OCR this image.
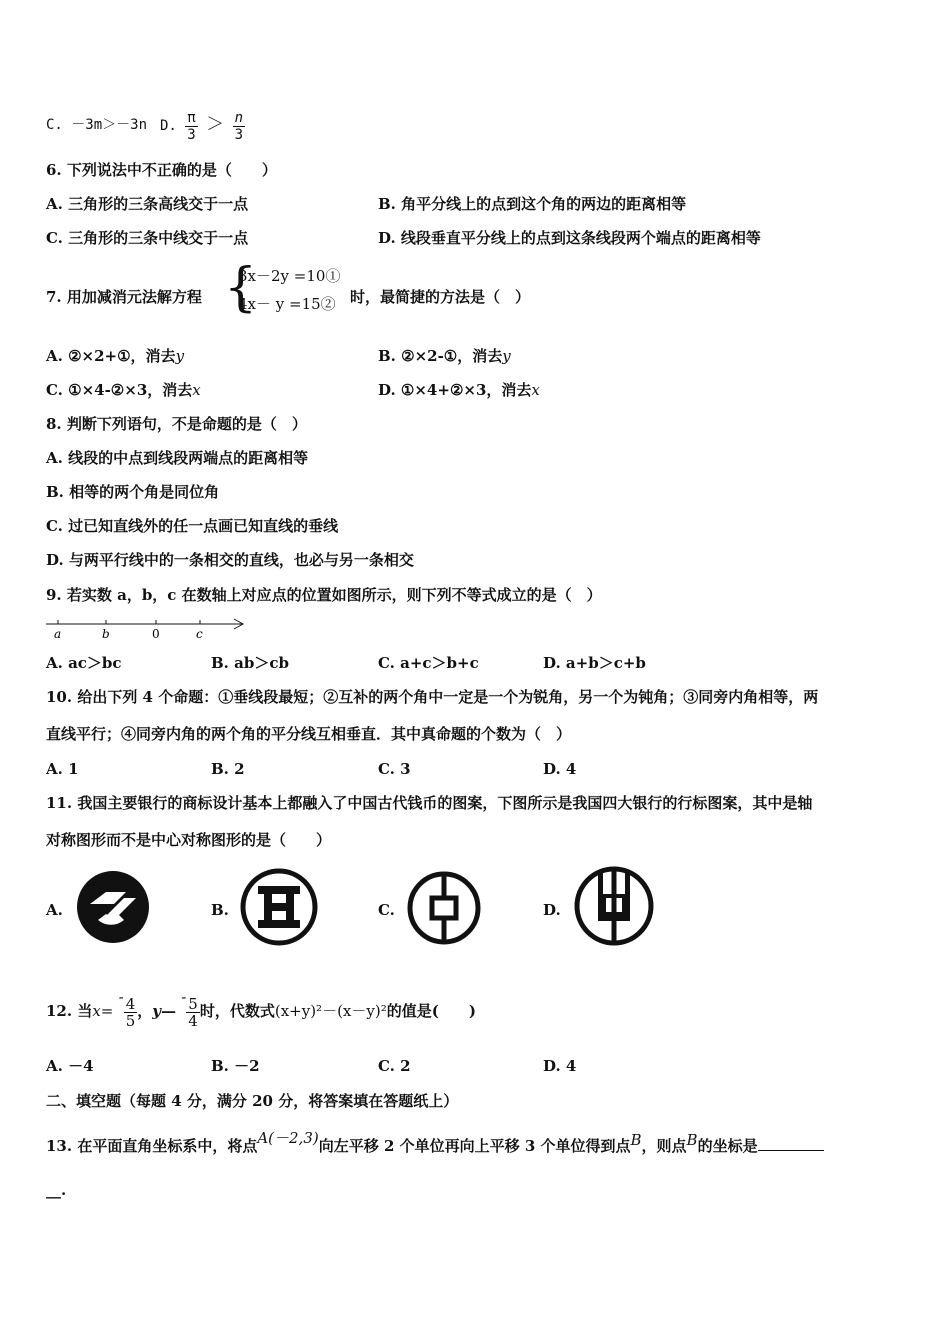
C. －3m＞－3n D. $\frac{\pi}{3} > \frac{n}{3}$
6. 下列说法中不正确的是（　　）
A. 三角形的三条高线交于一点	B. 角平分线上的点到这个角的两边的距离相等
C. 三角形的三条中线交于一点	D. 线段垂直平分线上的点到这条线段两个端点的距离相等
7. 用加减消元法解方程 {
3x－2y =10①
4x－ y =15② 时，最简捷的方法是（　）
A. ②×2+①，消去y	B. ②×2-①，消去y
C. ①×4-②×3，消去x	D. ①×4+②×3，消去x
8. 判断下列语句，不是命题的是（　）
A. 线段的中点到线段两端点的距离相等
B. 相等的两个角是同位角
C. 过已知直线外的任一点画已知直线的垂线
D. 与两平行线中的一条相交的直线，也必与另一条相交
9. 若实数 a，b，c 在数轴上对应点的位置如图所示，则下列不等式成立的是（　）
a	b	0	c
A. ac＞bc	B. ab＞cb	C. a+c＞b+c	D. a+b＞c+b
10. 给出下列 4 个命题：①垂线段最短；②互补的两个角中一定是一个为锐角，另一个为钝角；③同旁内角相等，两
直线平行；④同旁内角的两个角的平分线互相垂直．其中真命题的个数为（　）
A. 1	B. 2	C. 3	D. 4
11. 我国主要银行的商标设计基本上都融入了中国古代钱币的图案，下图所示是我国四大银行的行标图案，其中是轴
对称图形而不是中心对称图形的是（　　）
A.	B.	C.	D.
12. 当$x= - \frac{4}{5}$ ，y— - $\frac{5}{4}$ 时，代数式(x+y)²－(x－y)²的值是(　　)
A. －4	B. －2	C. 2	D. 4
二、填空题（每题 4 分，满分 20 分，将答案填在答题纸上）
13. 在平面直角坐标系中，将点A(－2,3)向左平移 2 个单位再向上平移 3 个单位得到点B，则点B的坐标是
__.
